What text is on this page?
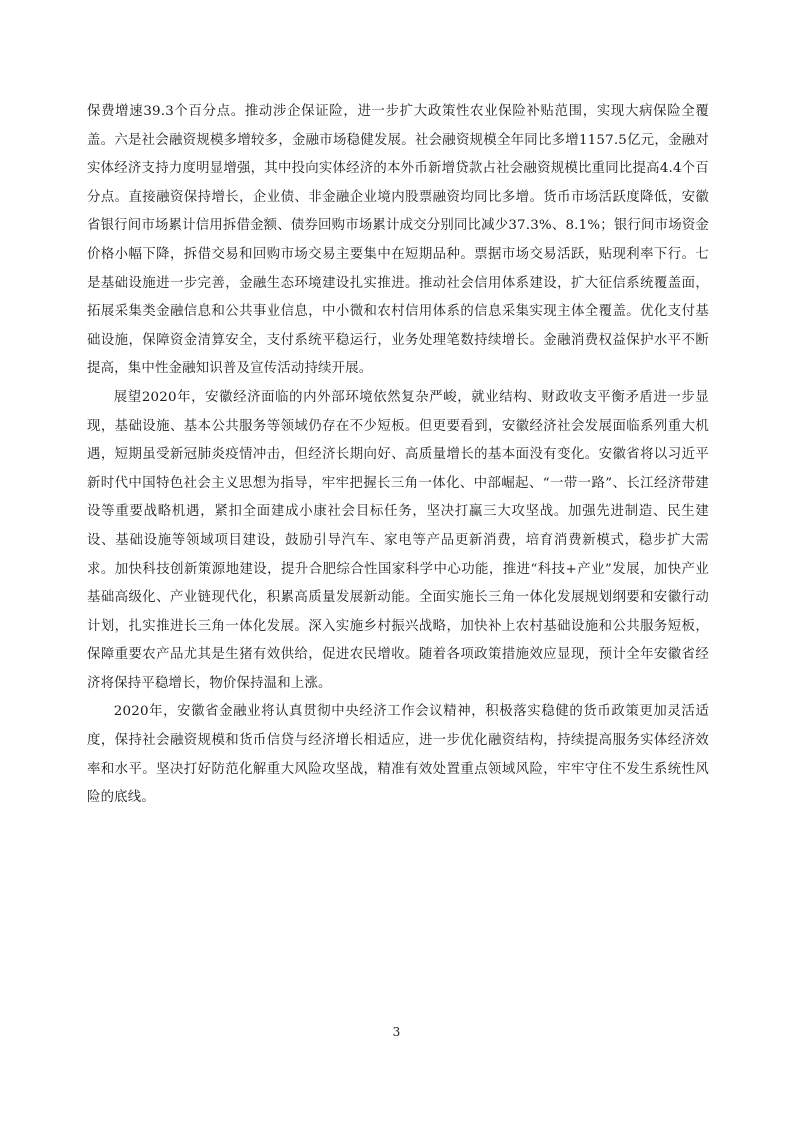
保费增速39.3个百分点。推动涉企保证险，进一步扩大政策性农业保险补贴范围，实现大病保险全覆盖。六是社会融资规模多增较多，金融市场稳健发展。社会融资规模全年同比多增1157.5亿元，金融对实体经济支持力度明显增强，其中投向实体经济的本外币新增贷款占社会融资规模比重同比提高4.4个百分点。直接融资保持增长，企业债、非金融企业境内股票融资均同比多增。货币市场活跃度降低，安徽省银行间市场累计信用拆借金额、债券回购市场累计成交分别同比减少37.3%、8.1%；银行间市场资金价格小幅下降，拆借交易和回购市场交易主要集中在短期品种。票据市场交易活跃，贴现利率下行。七是基础设施进一步完善，金融生态环境建设扎实推进。推动社会信用体系建设，扩大征信系统覆盖面，拓展采集类金融信息和公共事业信息，中小微和农村信用体系的信息采集实现主体全覆盖。优化支付基础设施，保障资金清算安全，支付系统平稳运行，业务处理笔数持续增长。金融消费权益保护水平不断提高，集中性金融知识普及宣传活动持续开展。

展望2020年，安徽经济面临的内外部环境依然复杂严峻，就业结构、财政收支平衡矛盾进一步显现，基础设施、基本公共服务等领域仍存在不少短板。但更要看到，安徽经济社会发展面临系列重大机遇，短期虽受新冠肺炎疫情冲击，但经济长期向好、高质量增长的基本面没有变化。安徽省将以习近平新时代中国特色社会主义思想为指导，牢牢把握长三角一体化、中部崛起、“一带一路”、长江经济带建设等重要战略机遇，紧扣全面建成小康社会目标任务，坚决打赢三大攻坚战。加强先进制造、民生建设、基础设施等领域项目建设，鼓励引导汽车、家电等产品更新消费，培育消费新模式，稳步扩大需求。加快科技创新策源地建设，提升合肥综合性国家科学中心功能，推进“科技+产业”发展，加快产业基础高级化、产业链现代化，积累高质量发展新动能。全面实施长三角一体化发展规划纲要和安徽行动计划，扎实推进长三角一体化发展。深入实施乡村振兴战略，加快补上农村基础设施和公共服务短板，保障重要农产品尤其是生猪有效供给，促进农民增收。随着各项政策措施效应显现，预计全年安徽省经济将保持平稳增长，物价保持温和上涨。

2020年，安徽省金融业将认真贯彻中央经济工作会议精神，积极落实稳健的货币政策更加灵活适度，保持社会融资规模和货币信贷与经济增长相适应，进一步优化融资结构，持续提高服务实体经济效率和水平。坚决打好防范化解重大风险攻坚战，精准有效处置重点领域风险，牢牢守住不发生系统性风险的底线。

3
